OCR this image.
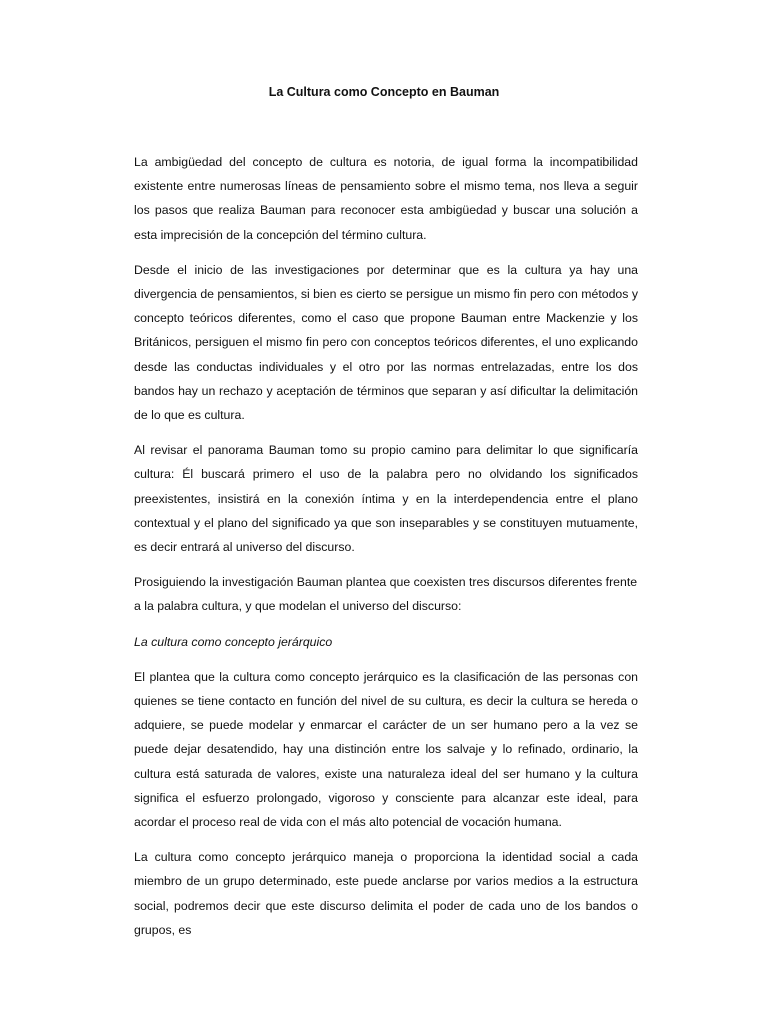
La Cultura como Concepto en Bauman

La ambigüedad del concepto de cultura es notoria, de igual forma la incompatibilidad existente entre numerosas líneas de pensamiento sobre el mismo tema, nos lleva a seguir los pasos que realiza Bauman para reconocer esta ambigüedad y buscar una solución a esta imprecisión de la concepción del término cultura.

Desde el inicio de las investigaciones por determinar que es la cultura ya hay una divergencia de pensamientos, si bien es cierto se persigue un mismo fin pero con métodos y concepto teóricos diferentes, como el caso que propone Bauman entre Mackenzie y los Británicos, persiguen el mismo fin pero con conceptos teóricos diferentes, el uno explicando desde las conductas individuales y el otro por las normas entrelazadas, entre los dos bandos hay un rechazo y aceptación de términos que separan y así dificultar la delimitación de lo que es cultura.

Al revisar el panorama Bauman tomo su propio camino para delimitar lo que significaría cultura: Él buscará primero el uso de la palabra pero no olvidando los significados preexistentes, insistirá en la conexión íntima y en la interdependencia entre el plano contextual y el plano del significado ya que son inseparables y se constituyen mutuamente, es decir entrará al universo del discurso.

Prosiguiendo la investigación Bauman plantea que coexisten tres discursos diferentes frente a la palabra cultura, y que modelan el universo del discurso:

La cultura como concepto jerárquico

El plantea que la cultura como concepto jerárquico es la clasificación de las personas con quienes se tiene contacto en función del nivel de su cultura, es decir la cultura se hereda o adquiere, se puede modelar y enmarcar el carácter de un ser humano pero a la vez se puede dejar desatendido, hay una distinción entre los salvaje y lo refinado, ordinario, la cultura está saturada de valores, existe una naturaleza ideal del ser humano y la cultura significa el esfuerzo prolongado, vigoroso y consciente para alcanzar este ideal, para acordar el proceso real de vida con el más alto potencial de vocación humana.

La cultura como concepto jerárquico maneja o proporciona la identidad social a cada miembro de un grupo determinado, este puede anclarse por varios medios a la estructura social, podremos decir que este discurso delimita el poder de cada uno de los bandos o grupos, es
